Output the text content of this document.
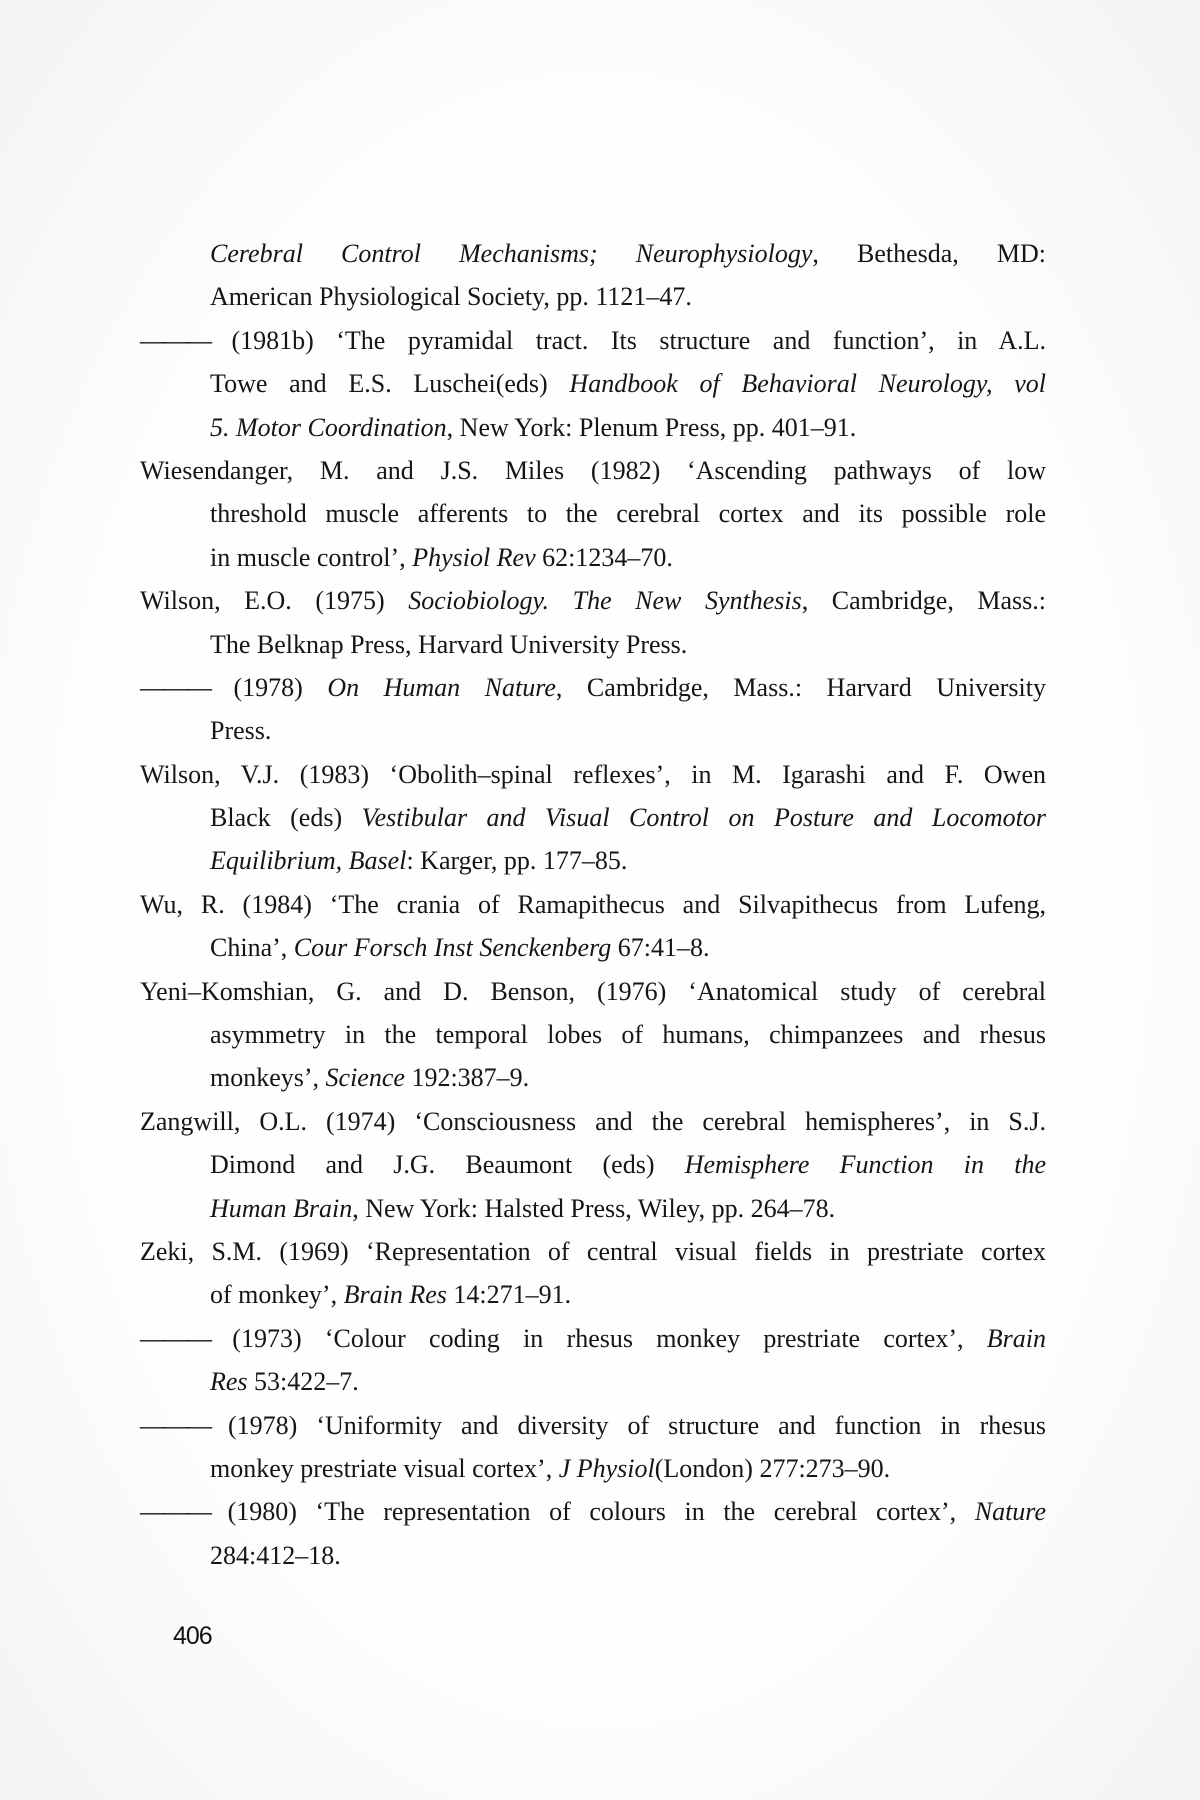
Cerebral Control Mechanisms; Neurophysiology, Bethesda, MD:
American Physiological Society, pp. 1121–47.
——— (1981b) ‘The pyramidal tract. Its structure and function’, in A.L.
Towe and E.S. Luschei(eds) Handbook of Behavioral Neurology, vol
5. Motor Coordination, New York: Plenum Press, pp. 401–91.
Wiesendanger, M. and J.S. Miles (1982) ‘Ascending pathways of low
threshold muscle afferents to the cerebral cortex and its possible role
in muscle control’, Physiol Rev 62:1234–70.
Wilson, E.O. (1975) Sociobiology. The New Synthesis, Cambridge, Mass.:
The Belknap Press, Harvard University Press.
——— (1978) On Human Nature, Cambridge, Mass.: Harvard University
Press.
Wilson, V.J. (1983) ‘Obolith–spinal reflexes’, in M. Igarashi and F. Owen
Black (eds) Vestibular and Visual Control on Posture and Locomotor
Equilibrium, Basel: Karger, pp. 177–85.
Wu, R. (1984) ‘The crania of Ramapithecus and Silvapithecus from Lufeng,
China’, Cour Forsch Inst Senckenberg 67:41–8.
Yeni–Komshian, G. and D. Benson, (1976) ‘Anatomical study of cerebral
asymmetry in the temporal lobes of humans, chimpanzees and rhesus
monkeys’, Science 192:387–9.
Zangwill, O.L. (1974) ‘Consciousness and the cerebral hemispheres’, in S.J.
Dimond and J.G. Beaumont (eds) Hemisphere Function in the
Human Brain, New York: Halsted Press, Wiley, pp. 264–78.
Zeki, S.M. (1969) ‘Representation of central visual fields in prestriate cortex
of monkey’, Brain Res 14:271–91.
——— (1973) ‘Colour coding in rhesus monkey prestriate cortex’, Brain
Res 53:422–7.
——— (1978) ‘Uniformity and diversity of structure and function in rhesus
monkey prestriate visual cortex’, J Physiol(London) 277:273–90.
——— (1980) ‘The representation of colours in the cerebral cortex’, Nature
284:412–18.
406
